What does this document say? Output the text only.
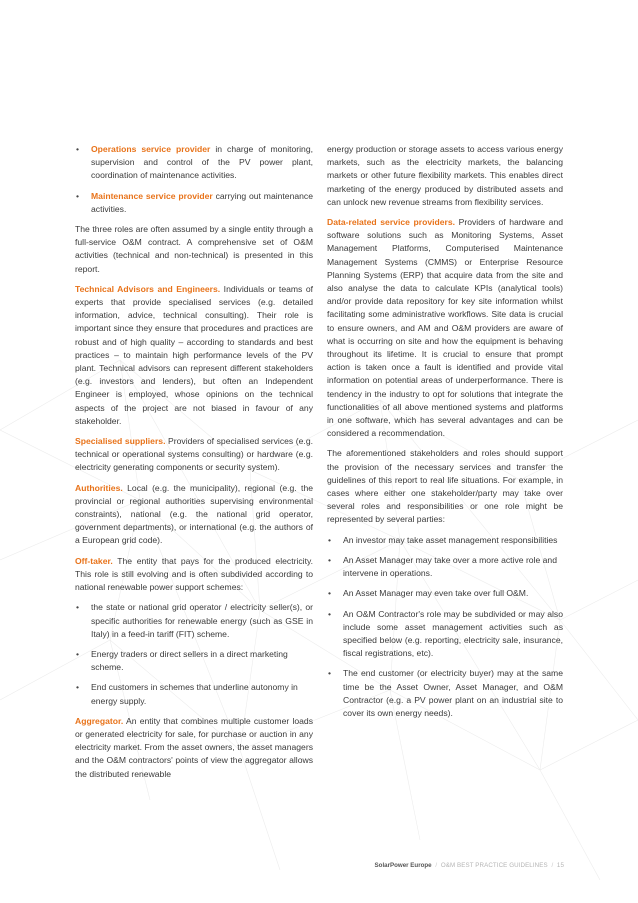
• Operations service provider in charge of monitoring, supervision and control of the PV power plant, coordination of maintenance activities.
• Maintenance service provider carrying out maintenance activities.

The three roles are often assumed by a single entity through a full-service O&M contract. A comprehensive set of O&M activities (technical and non-technical) is presented in this report.

Technical Advisors and Engineers. Individuals or teams of experts that provide specialised services (e.g. detailed information, advice, technical consulting). Their role is important since they ensure that procedures and practices are robust and of high quality – according to standards and best practices – to maintain high performance levels of the PV plant. Technical advisors can represent different stakeholders (e.g. investors and lenders), but often an Independent Engineer is employed, whose opinions on the technical aspects of the project are not biased in favour of any stakeholder.

Specialised suppliers. Providers of specialised services (e.g. technical or operational systems consulting) or hardware (e.g. electricity generating components or security system).

Authorities. Local (e.g. the municipality), regional (e.g. the provincial or regional authorities supervising environmental constraints), national (e.g. the national grid operator, government departments), or international (e.g. the authors of a European grid code).

Off-taker. The entity that pays for the produced electricity. This role is still evolving and is often subdivided according to national renewable power support schemes:

• the state or national grid operator / electricity seller(s), or specific authorities for renewable energy (such as GSE in Italy) in a feed-in tariff (FIT) scheme.
• Energy traders or direct sellers in a direct marketing scheme.
• End customers in schemes that underline autonomy in energy supply.

Aggregator. An entity that combines multiple customer loads or generated electricity for sale, for purchase or auction in any electricity market. From the asset owners, the asset managers and the O&M contractors' points of view the aggregator allows the distributed renewable

energy production or storage assets to access various energy markets, such as the electricity markets, the balancing markets or other future flexibility markets. This enables direct marketing of the energy produced by distributed assets and can unlock new revenue streams from flexibility services.

Data-related service providers. Providers of hardware and software solutions such as Monitoring Systems, Asset Management Platforms, Computerised Maintenance Management Systems (CMMS) or Enterprise Resource Planning Systems (ERP) that acquire data from the site and also analyse the data to calculate KPIs (analytical tools) and/or provide data repository for key site information whilst facilitating some administrative workflows. Site data is crucial to ensure owners, and AM and O&M providers are aware of what is occurring on site and how the equipment is behaving throughout its lifetime. It is crucial to ensure that prompt action is taken once a fault is identified and provide vital information on potential areas of underperformance. There is tendency in the industry to opt for solutions that integrate the functionalities of all above mentioned systems and platforms in one software, which has several advantages and can be considered a recommendation.

The aforementioned stakeholders and roles should support the provision of the necessary services and transfer the guidelines of this report to real life situations. For example, in cases where either one stakeholder/party may take over several roles and responsibilities or one role might be represented by several parties:

• An investor may take asset management responsibilities
• An Asset Manager may take over a more active role and intervene in operations.
• An Asset Manager may even take over full O&M.
• An O&M Contractor's role may be subdivided or may also include some asset management activities such as specified below (e.g. reporting, electricity sale, insurance, fiscal registrations, etc).
• The end customer (or electricity buyer) may at the same time be the Asset Owner, Asset Manager, and O&M Contractor (e.g. a PV power plant on an industrial site to cover its own energy needs).
SolarPower Europe / O&M BEST PRACTICE GUIDELINES / 15
